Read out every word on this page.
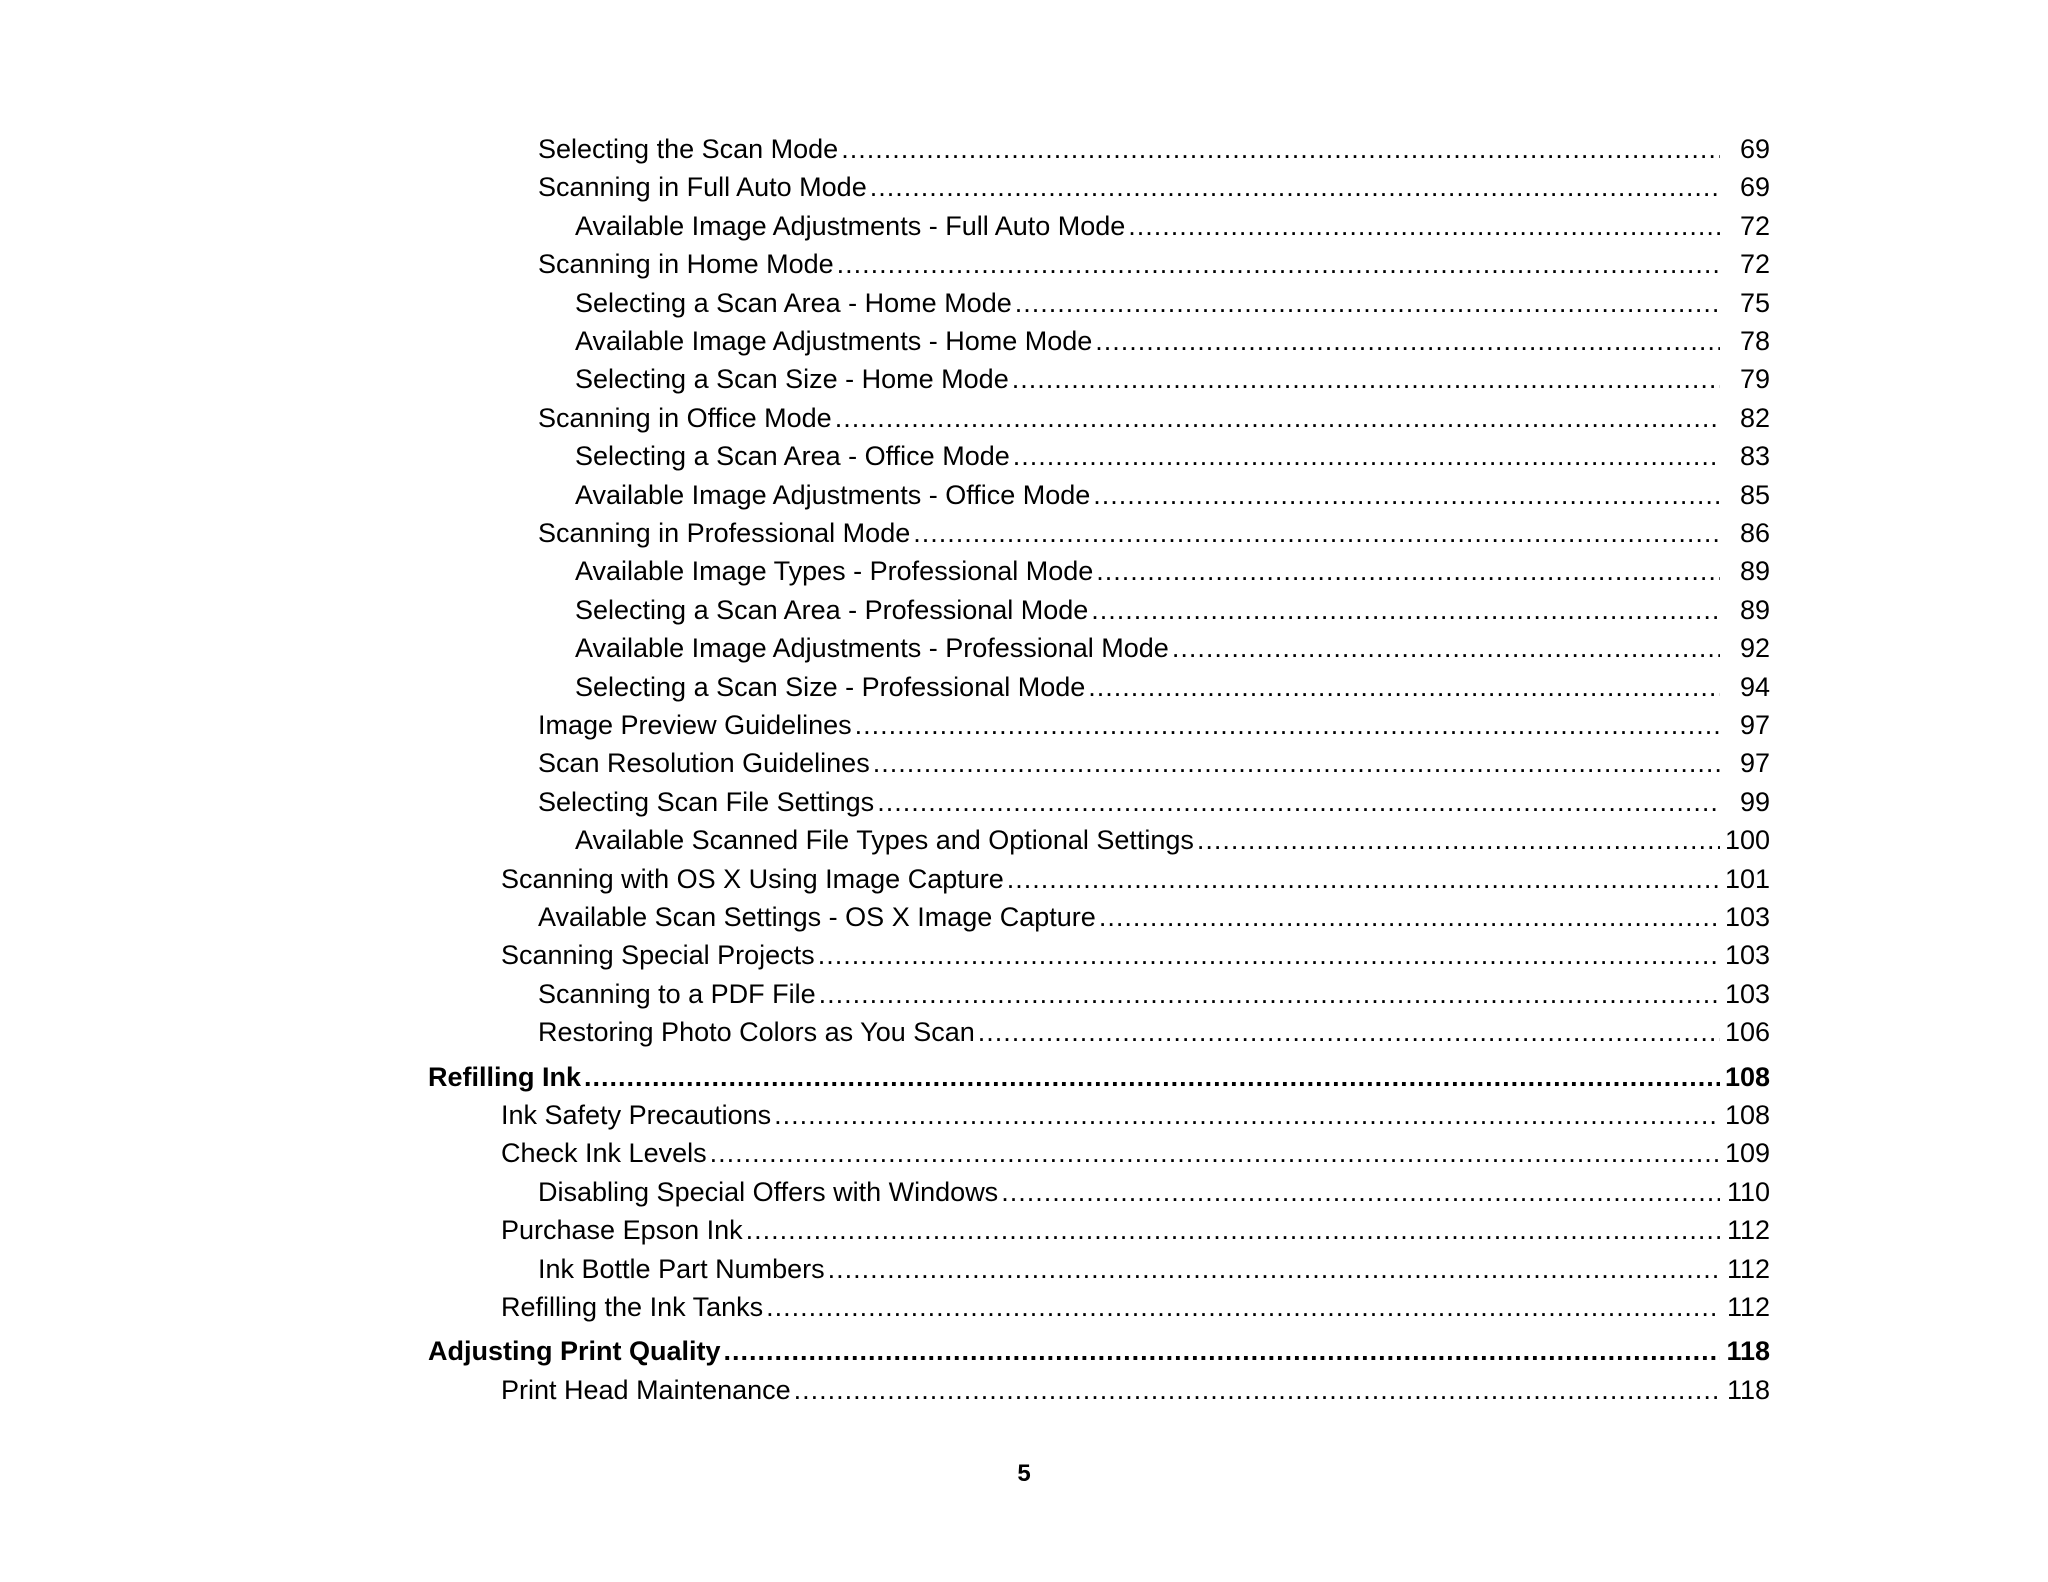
Selecting the Scan Mode .....	69
Scanning in Full Auto Mode .....	69
Available Image Adjustments - Full Auto Mode .....	72
Scanning in Home Mode .....	72
Selecting a Scan Area - Home Mode .....	75
Available Image Adjustments - Home Mode .....	78
Selecting a Scan Size - Home Mode .....	79
Scanning in Office Mode .....	82
Selecting a Scan Area - Office Mode .....	83
Available Image Adjustments - Office Mode .....	85
Scanning in Professional Mode .....	86
Available Image Types - Professional Mode .....	89
Selecting a Scan Area - Professional Mode .....	89
Available Image Adjustments - Professional Mode .....	92
Selecting a Scan Size - Professional Mode .....	94
Image Preview Guidelines .....	97
Scan Resolution Guidelines .....	97
Selecting Scan File Settings .....	99
Available Scanned File Types and Optional Settings .....	100
Scanning with OS X Using Image Capture .....	101
Available Scan Settings - OS X Image Capture .....	103
Scanning Special Projects .....	103
Scanning to a PDF File .....	103
Restoring Photo Colors as You Scan .....	106
Refilling Ink .....	108
Ink Safety Precautions .....	108
Check Ink Levels .....	109
Disabling Special Offers with Windows .....	110
Purchase Epson Ink .....	112
Ink Bottle Part Numbers .....	112
Refilling the Ink Tanks .....	112
Adjusting Print Quality .....	118
Print Head Maintenance .....	118
5
